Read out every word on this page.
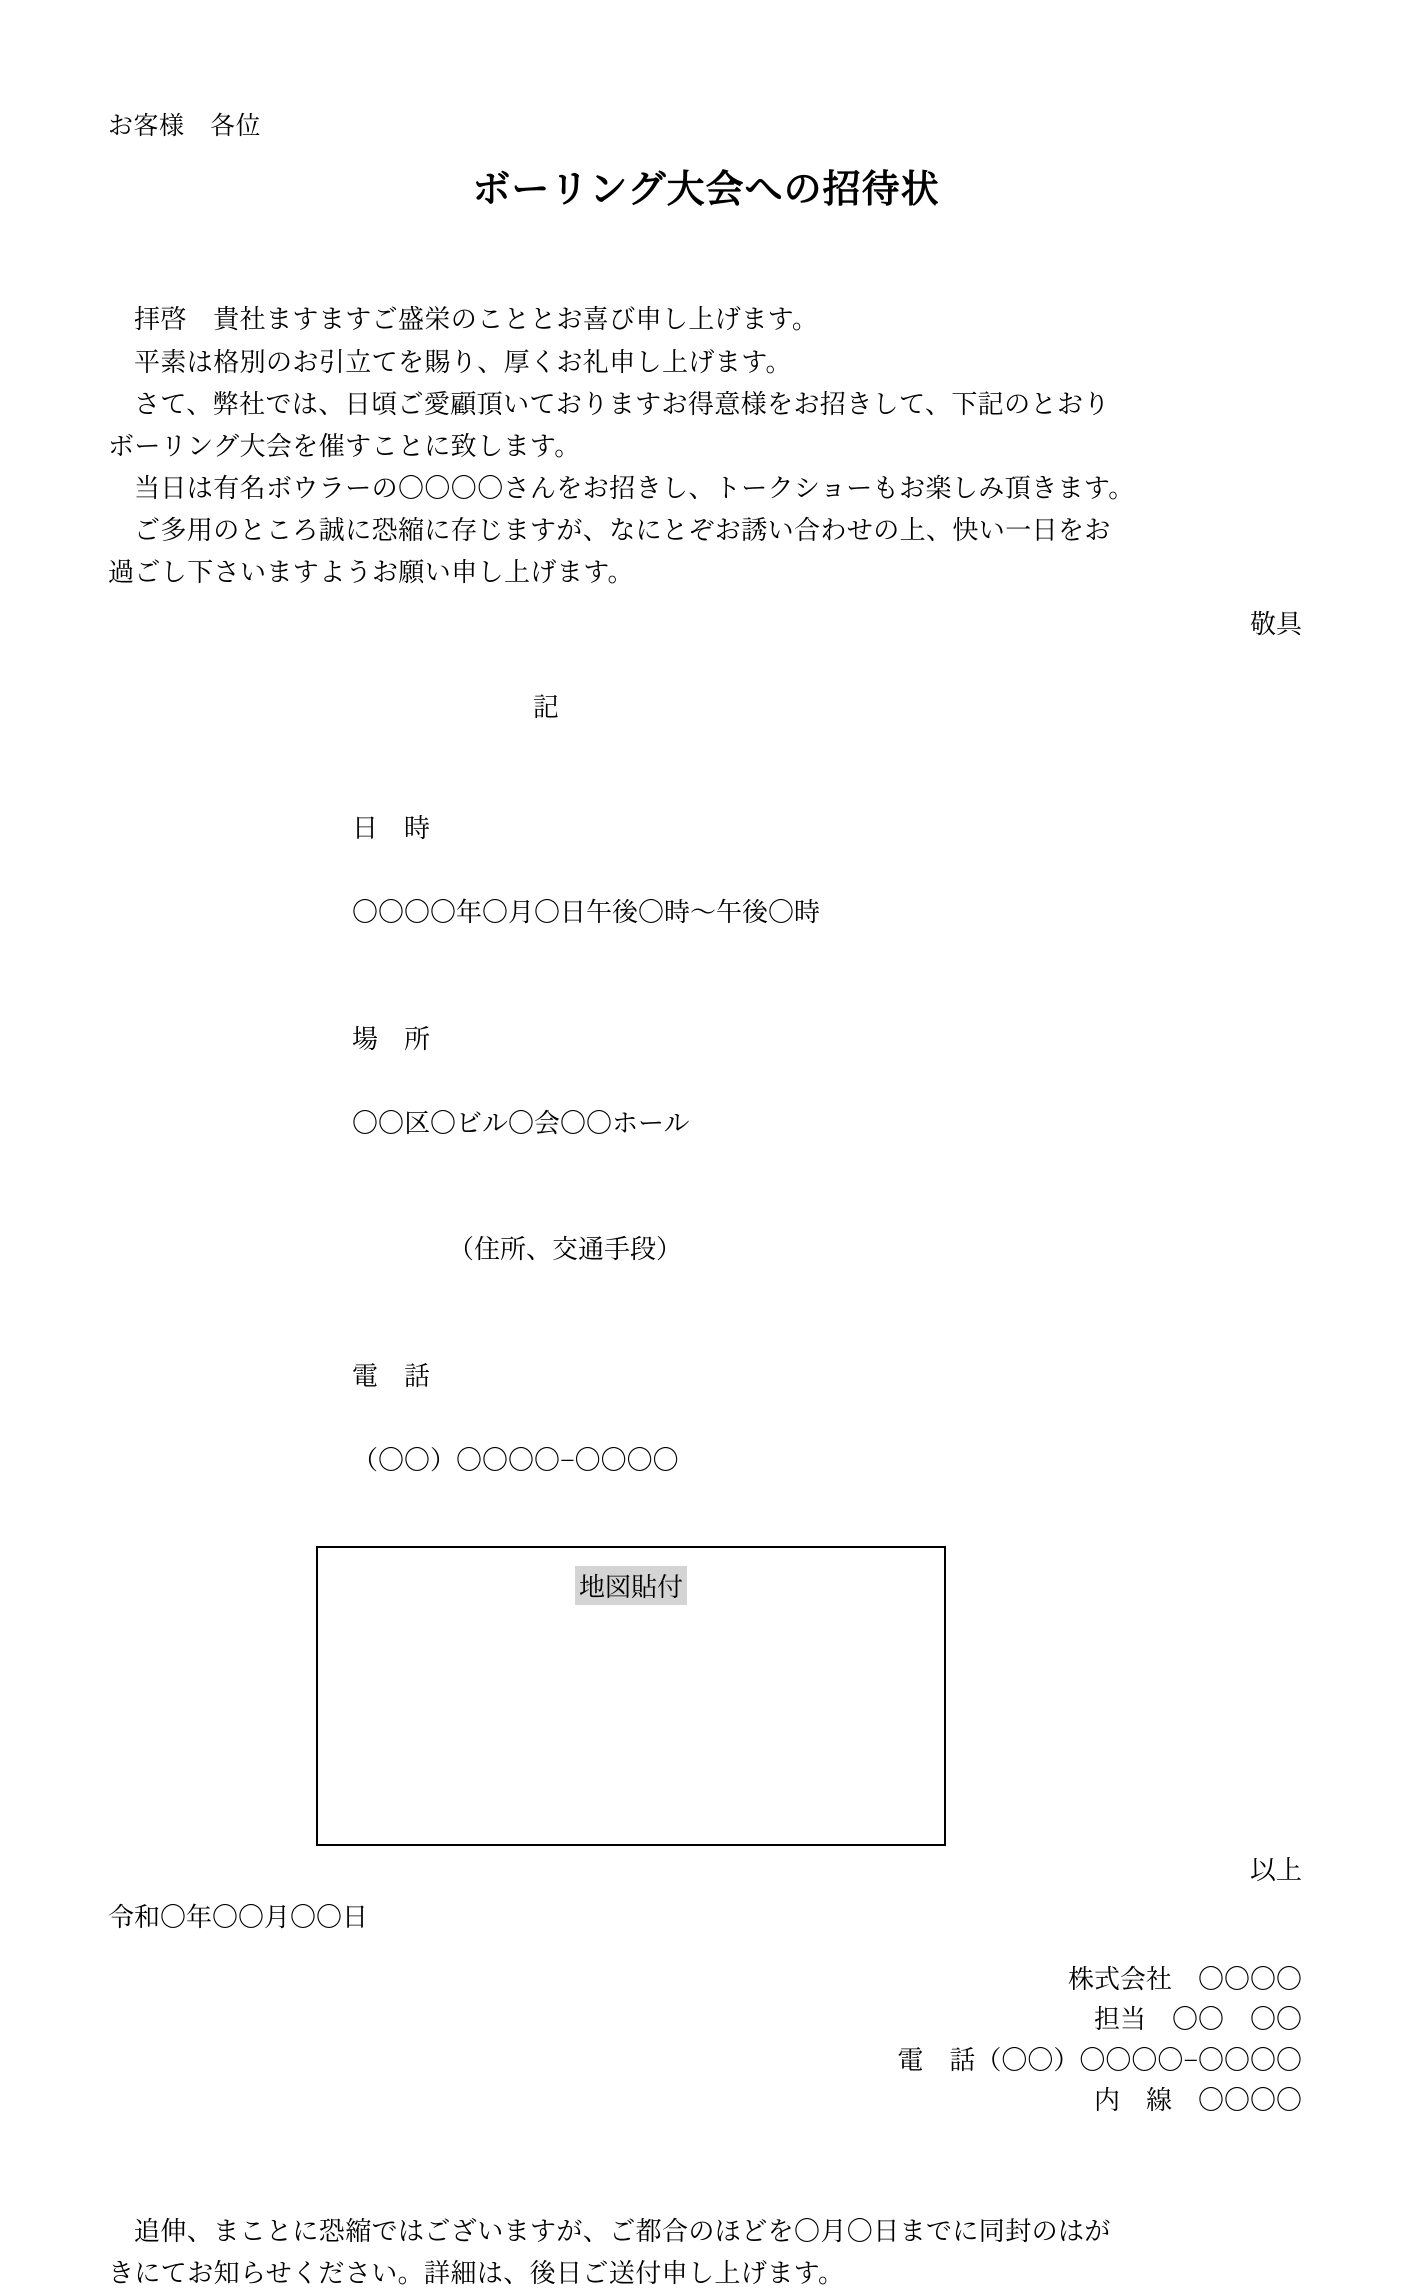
お客様　各位
ボーリング大会への招待状

拝啓　貴社ますますご盛栄のこととお喜び申し上げます。

平素は格別のお引立てを賜り、厚くお礼申し上げます。

さて、弊社では、日頃ご愛顧頂いておりますお得意様をお招きして、下記のとおり

ボーリング大会を催すことに致します。

当日は有名ボウラーの〇〇〇〇さんをお招きし、トークショーもお楽しみ頂きます。

ご多用のところ誠に恐縮に存じますが、なにとぞお誘い合わせの上、快い一日をお

過ごし下さいますようお願い申し上げます。

敬具
記

日　時

〇〇〇〇年〇月〇日午後〇時〜午後〇時

場　所

〇〇区〇ビル〇会〇〇ホール

（住所、交通手段）

電　話

（〇〇）〇〇〇〇−〇〇〇〇

地図貼付
以上
令和〇年〇〇月〇〇日
株式会社　〇〇〇〇
担当　〇〇　〇〇
電　話（〇〇）〇〇〇〇−〇〇〇〇
内　線　〇〇〇〇

追伸、まことに恐縮ではございますが、ご都合のほどを〇月〇日までに同封のはが

きにてお知らせください。詳細は、後日ご送付申し上げます。
